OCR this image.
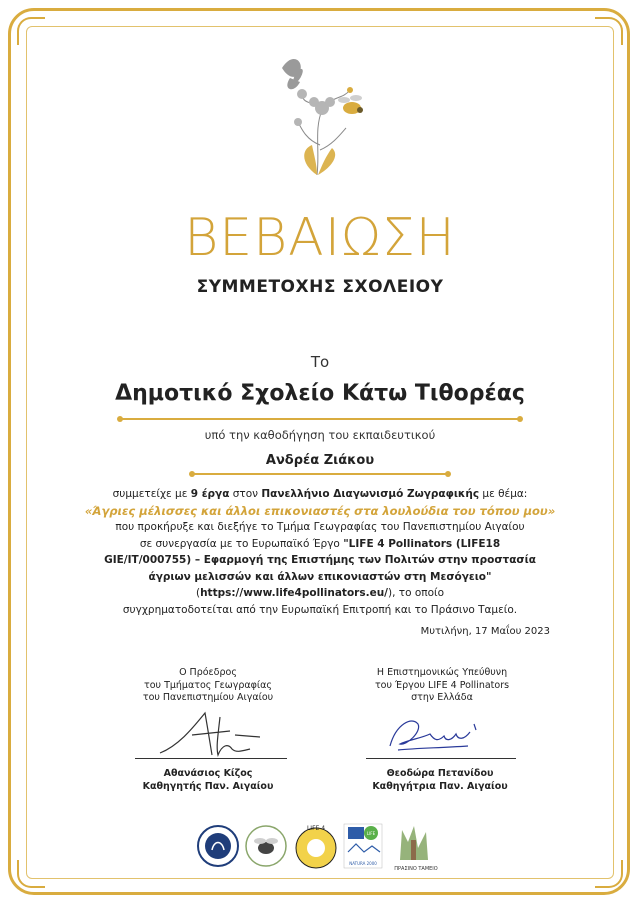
ΒΕΒΑΙΩΣΗ
ΣΥΜΜΕΤΟΧΗΣ ΣΧΟΛΕΙΟΥ
Το
Δημοτικό Σχολείο Κάτω Τιθορέας
υπό την καθοδήγηση του εκπαιδευτικού
Ανδρέα Ζιάκου
συμμετείχε με 9 έργα στον Πανελλήνιο Διαγωνισμό Ζωγραφικής με θέμα:
«Άγριες μέλισσες και άλλοι επικονιαστές στα λουλούδια του τόπου μου»
που προκήρυξε και διεξήγε το Τμήμα Γεωγραφίας του Πανεπιστημίου Αιγαίου
σε συνεργασία με το Ευρωπαϊκό Έργο "LIFE 4 Pollinators (LIFE18 GIE/IT/000755) – Εφαρμογή της Επιστήμης των Πολιτών στην προστασία άγριων μελισσών και άλλων επικονιαστών στη Μεσόγειο" (https://www.life4pollinators.eu/), το οποίο
συγχρηματοδοτείται από την Ευρωπαϊκή Επιτροπή και το Πράσινο Ταμείο.
Μυτιλήνη, 17 Μαΐου 2023
Ο Πρόεδρος
του Τμήματος Γεωγραφίας
του Πανεπιστημίου Αιγαίου
Αθανάσιος Κίζος
Καθηγητής Παν. Αιγαίου
Η Επιστημονικώς Υπεύθυνη
του Έργου LIFE 4 Pollinators
στην Ελλάδα
Θεοδώρα Πετανίδου
Καθηγήτρια Παν. Αιγαίου
LIFE 4
LIFE
NATURA 2000
ΠΡΑΣΙΝΟ ΤΑΜΕΙΟ
